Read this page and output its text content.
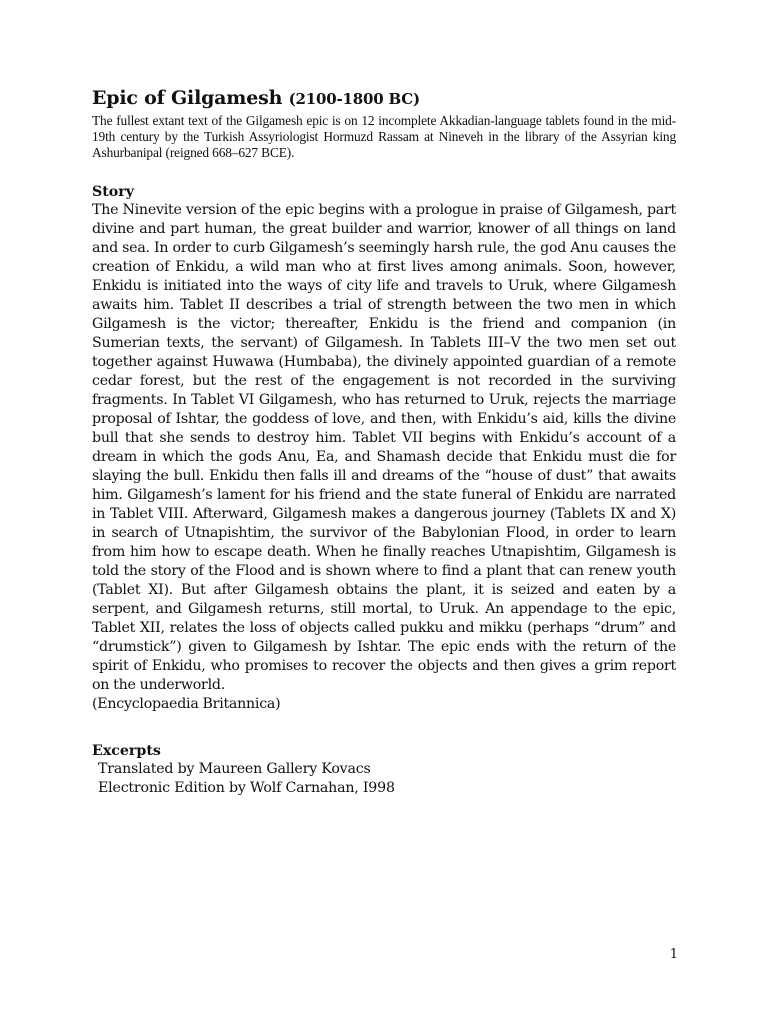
Epic of Gilgamesh (2100-1800 BC)

The fullest extant text of the Gilgamesh epic is on 12 incomplete Akkadian-language tablets found in the mid-19th century by the Turkish Assyriologist Hormuzd Rassam at Nineveh in the library of the Assyrian king Ashurbanipal (reigned 668–627 BCE).

Story

The Ninevite version of the epic begins with a prologue in praise of Gilgamesh, part divine and part human, the great builder and warrior, knower of all things on land and sea. In order to curb Gilgamesh’s seemingly harsh rule, the god Anu causes the creation of Enkidu, a wild man who at first lives among animals. Soon, however, Enkidu is initiated into the ways of city life and travels to Uruk, where Gilgamesh awaits him. Tablet II describes a trial of strength between the two men in which Gilgamesh is the victor; thereafter, Enkidu is the friend and companion (in Sumerian texts, the servant) of Gilgamesh. In Tablets III–V the two men set out together against Huwawa (Humbaba), the divinely appointed guardian of a remote cedar forest, but the rest of the engagement is not recorded in the surviving fragments. In Tablet VI Gilgamesh, who has returned to Uruk, rejects the marriage proposal of Ishtar, the goddess of love, and then, with Enkidu’s aid, kills the divine bull that she sends to destroy him. Tablet VII begins with Enkidu’s account of a dream in which the gods Anu, Ea, and Shamash decide that Enkidu must die for slaying the bull. Enkidu then falls ill and dreams of the “house of dust” that awaits him. Gilgamesh’s lament for his friend and the state funeral of Enkidu are narrated in Tablet VIII. Afterward, Gilgamesh makes a dangerous journey (Tablets IX and X) in search of Utnapishtim, the survivor of the Babylonian Flood, in order to learn from him how to escape death. When he finally reaches Utnapishtim, Gilgamesh is told the story of the Flood and is shown where to find a plant that can renew youth (Tablet XI). But after Gilgamesh obtains the plant, it is seized and eaten by a serpent, and Gilgamesh returns, still mortal, to Uruk. An appendage to the epic, Tablet XII, relates the loss of objects called pukku and mikku (perhaps “drum” and “drumstick”) given to Gilgamesh by Ishtar. The epic ends with the return of the spirit of Enkidu, who promises to recover the objects and then gives a grim report on the underworld.
(Encyclopaedia Britannica)

Excerpts

Translated by Maureen Gallery Kovacs

Electronic Edition by Wolf Carnahan, I998

1
